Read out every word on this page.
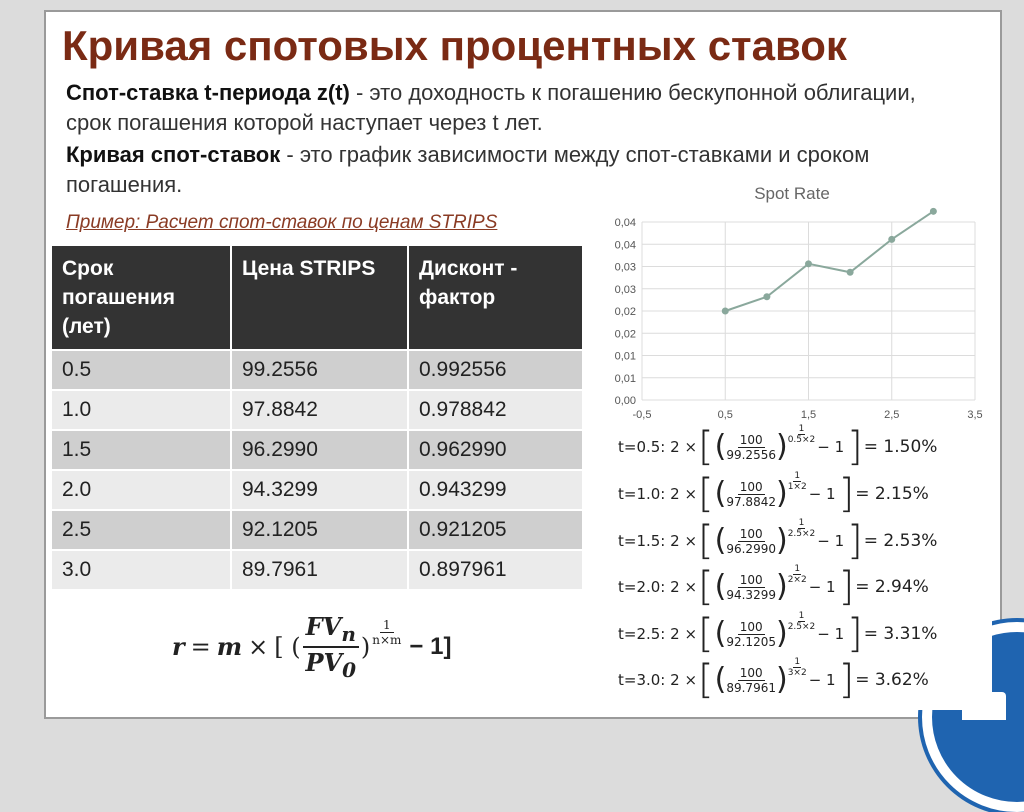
Кривая спотовых процентных ставок
Спот-ставка t-периода z(t) - это доходность к погашению бескупонной облигации, срок погашения которой наступает через t лет.
Кривая спот-ставок - это график зависимости между спот-ставками и сроком погашения.
Пример: Расчет спот-ставок по ценам STRIPS
Срок погашения (лет)	Цена STRIPS	Дисконт - фактор
0.5	99.2556	0.992556
1.0	97.8842	0.978842
1.5	96.2990	0.962990
2.0	94.3299	0.943299
2.5	92.1205	0.921205
3.0	89.7961	0.897961
r = m × [ ( $\frac{FV_n}{PV_0}$ ) $\frac{1}{n\times m} - 1$]
Spot Rate
0,00
0,01
0,01
0,02
0,02
0,03
0,03
0,04
0,04
-0,5	0,5	1,5	2,5	3,5
t=0.5: 2 × [ ( $\frac{100}{99.2556}$ ) $\frac{1}{0.5\times 2}$
− 1 ] = 1.50%
t=1.0: 2 × [ ( $\frac{100}{97.8842}$ ) $\frac{1}{1\times 2}$
− 1 ] = 2.15%
t=1.5: 2 × [ ( $\frac{100}{96.2990}$ ) $\frac{1}{2.5\times 2}$
− 1 ] = 2.53%
t=2.0: 2 × [ ( $\frac{100}{94.3299}$ ) $\frac{1}{2\times 2}$
− 1 ] = 2.94%
t=2.5: 2 × [ ( $\frac{100}{92.1205}$ ) $\frac{1}{2.5\times 2}$
− 1 ] = 3.31%
t=3.0: 2 × [ ( $\frac{100}{89.7961}$ ) $\frac{1}{3\times 2}$
− 1 ] = 3.62%
